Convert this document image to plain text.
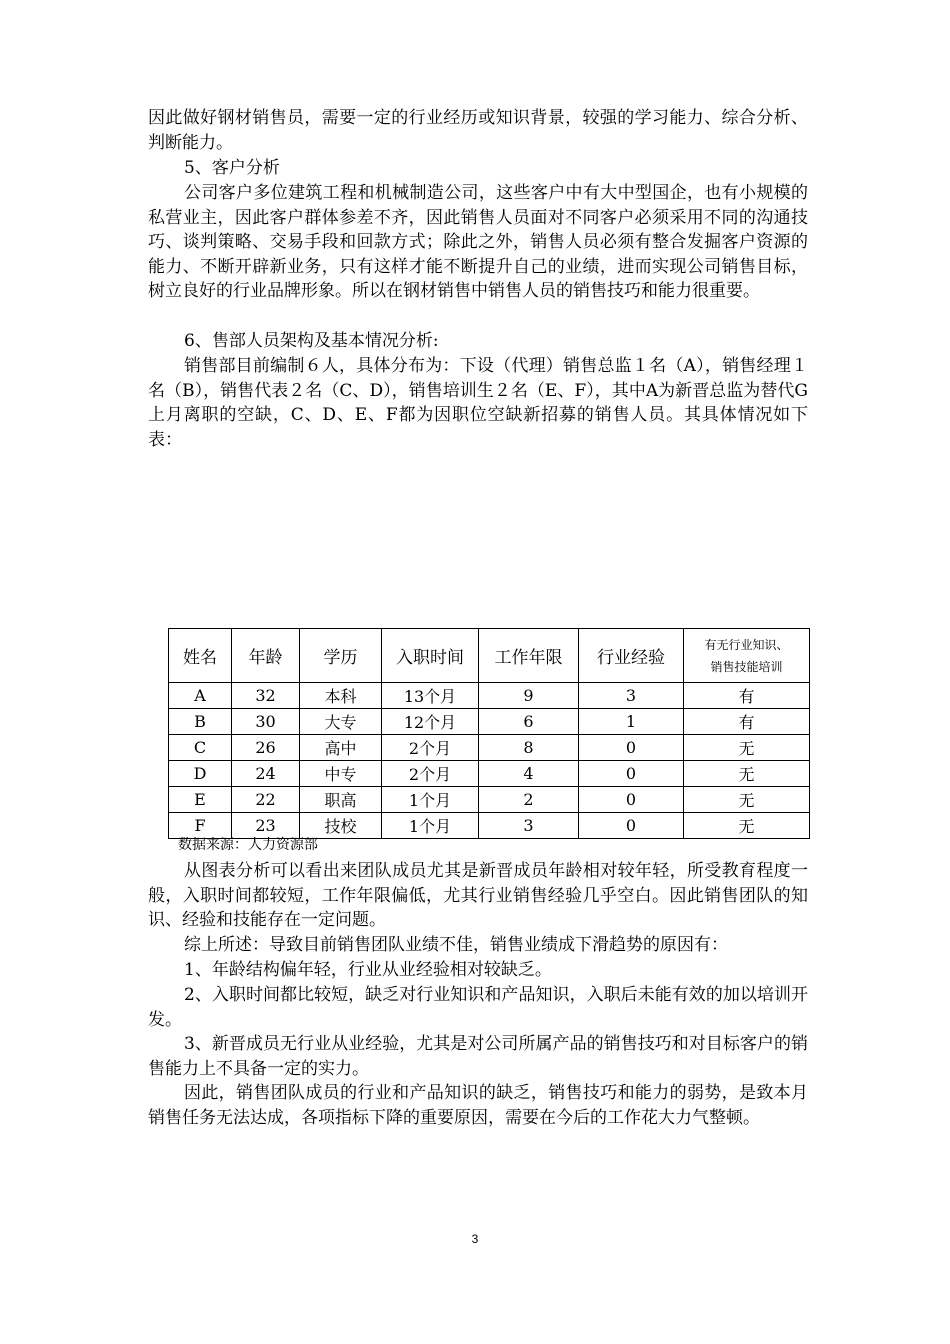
因此做好钢材销售员，需要一定的行业经历或知识背景，较强的学习能力、综合分析、判断能力。

5、客户分析

公司客户多位建筑工程和机械制造公司，这些客户中有大中型国企，也有小规模的私营业主，因此客户群体参差不齐，因此销售人员面对不同客户必须采用不同的沟通技巧、谈判策略、交易手段和回款方式；除此之外，销售人员必须有整合发掘客户资源的能力、不断开辟新业务，只有这样才能不断提升自己的业绩，进而实现公司销售目标，树立良好的行业品牌形象。所以在钢材销售中销售人员的销售技巧和能力很重要。

6、售部人员架构及基本情况分析:

销售部目前编制６人，具体分布为：下设（代理）销售总监１名（A），销售经理１名（B），销售代表２名（C、D），销售培训生２名（E、F），其中A为新晋总监为替代G上月离职的空缺，C、D、E、F都为因职位空缺新招募的销售人员。其具体情况如下表：

姓名	年龄	学历	入职时间	工作年限	行业经验	有无行业知识、
销售技能培训
A	32	本科	13个月	9	3	有
B	30	大专	12个月	6	1	有
C	26	高中	2个月	8	0	无
D	24	中专	2个月	4	0	无
E	22	职高	1个月	2	0	无
F	23	技校	1个月	3	0	无

数据来源：人力资源部

从图表分析可以看出来团队成员尤其是新晋成员年龄相对较年轻，所受教育程度一般，入职时间都较短，工作年限偏低，尤其行业销售经验几乎空白。因此销售团队的知识、经验和技能存在一定问题。

综上所述：导致目前销售团队业绩不佳，销售业绩成下滑趋势的原因有：

1、年龄结构偏年轻，行业从业经验相对较缺乏。

2、入职时间都比较短，缺乏对行业知识和产品知识，入职后未能有效的加以培训开发。

3、新晋成员无行业从业经验，尤其是对公司所属产品的销售技巧和对目标客户的销售能力上不具备一定的实力。

因此，销售团队成员的行业和产品知识的缺乏，销售技巧和能力的弱势，是致本月销售任务无法达成，各项指标下降的重要原因，需要在今后的工作花大力气整顿。

3
